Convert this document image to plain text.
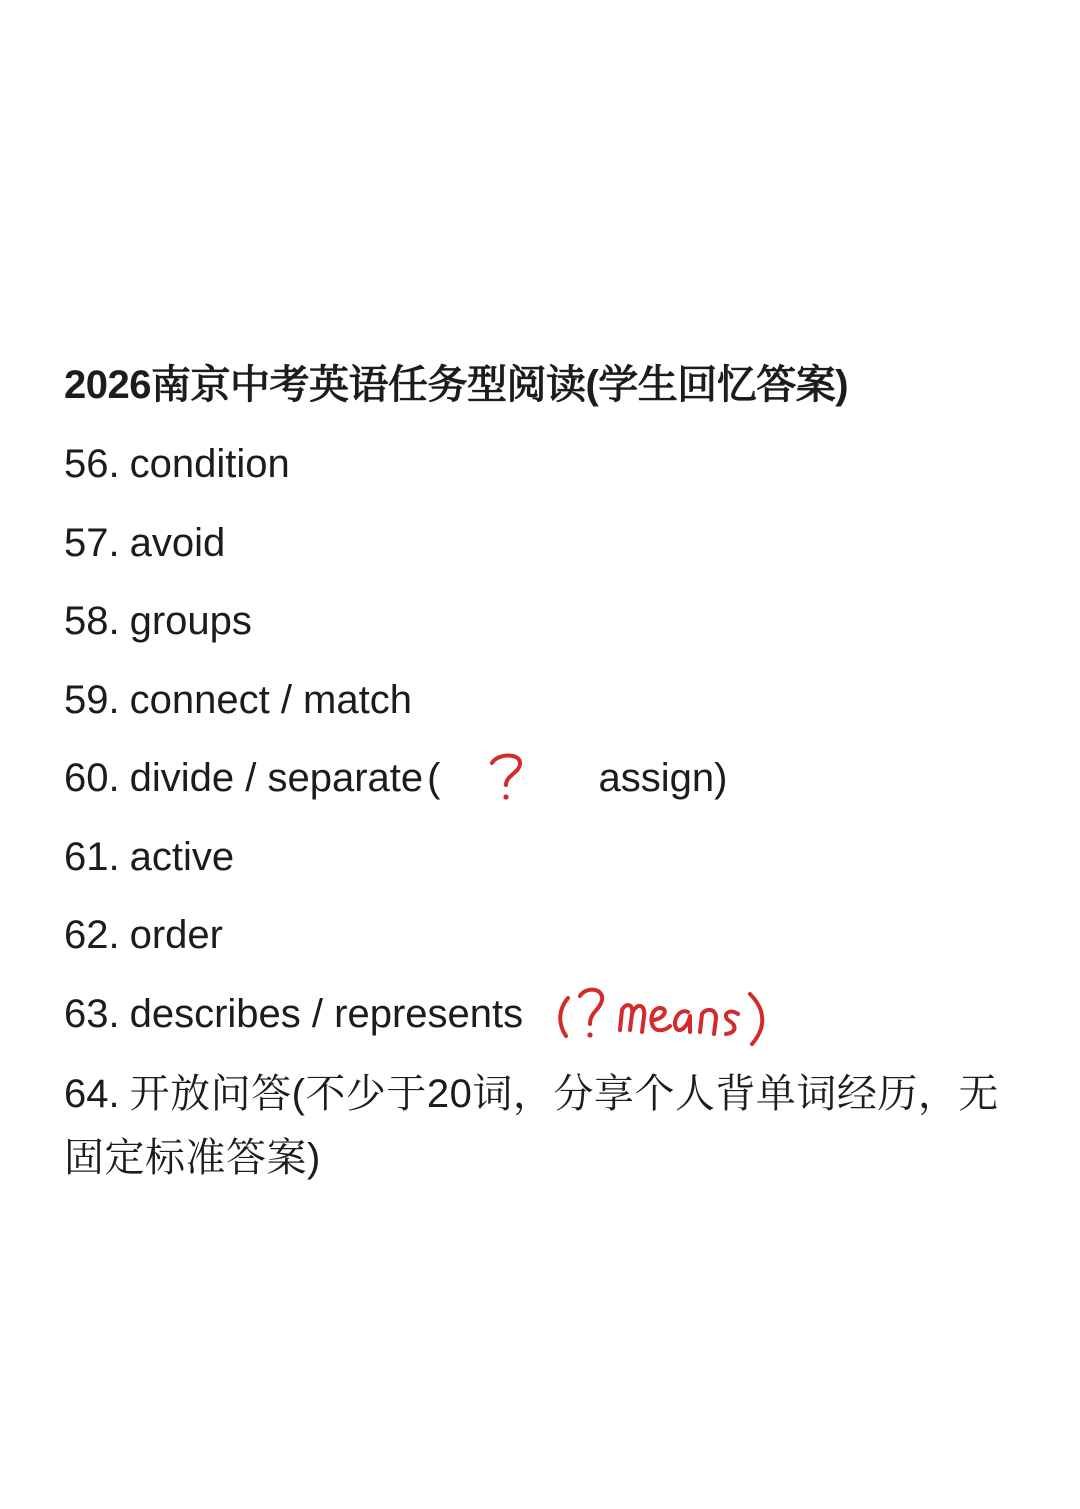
2026南京中考英语任务型阅读(学生回忆答案)
56. condition
57. avoid
58. groups
59. connect / match
60. divide / separate (	assign)
61. active
62. order
63. describes / represents
64. 开放问答(不少于20词，分享个人背单词经历，无固定标准答案)
